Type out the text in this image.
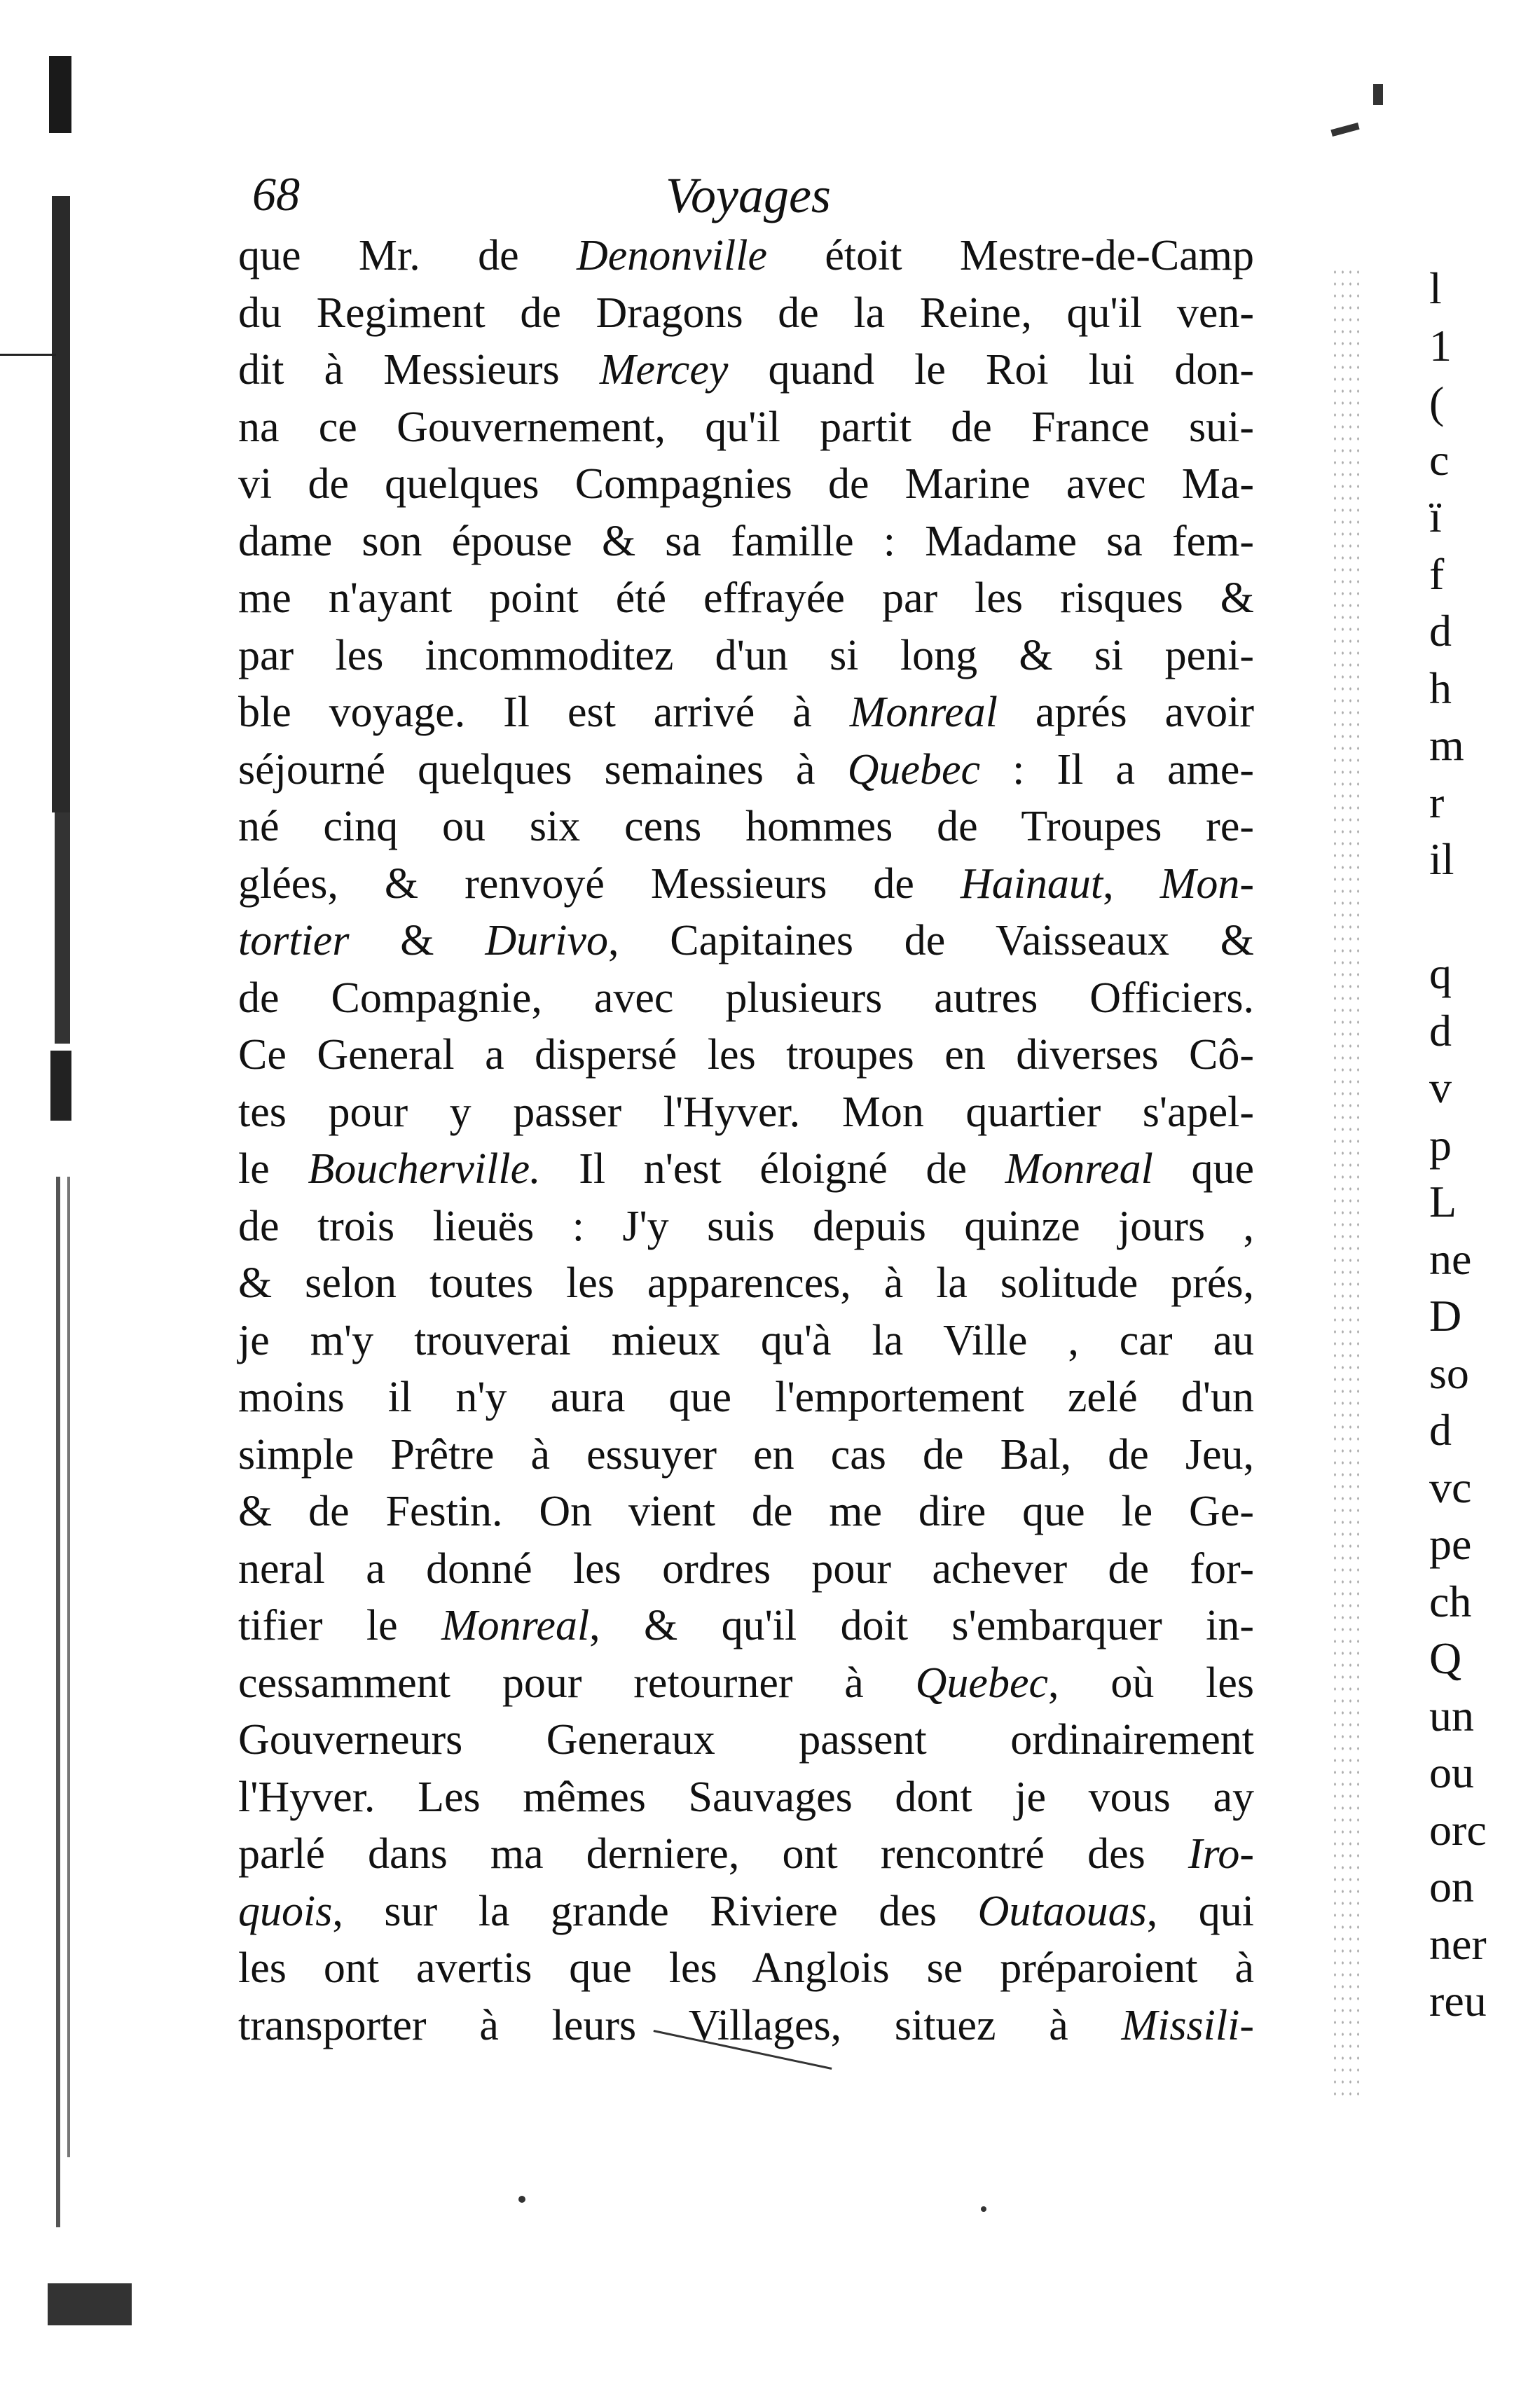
68	Voyages
que Mr. de Denonville étoit Mestre-de-Camp
du Regiment de Dragons de la Reine, qu'il ven-
dit à Messieurs Mercey quand le Roi lui don-
na ce Gouvernement, qu'il partit de France sui-
vi de quelques Compagnies de Marine avec Ma-
dame son épouse & sa famille : Madame sa fem-
me n'ayant point été effrayée par les risques &
par les incommoditez d'un si long & si peni-
ble voyage. Il est arrivé à Monreal aprés avoir
séjourné quelques semaines à Quebec : Il a ame-
né cinq ou six cens hommes de Troupes re-
glées, & renvoyé Messieurs de Hainaut, Mon-
tortier & Durivo, Capitaines de Vaisseaux &
de Compagnie, avec plusieurs autres Officiers.
Ce General a dispersé les troupes en diverses Cô-
tes pour y passer l'Hyver. Mon quartier s'apel-
le Boucherville. Il n'est éloigné de Monreal que
de trois lieuës : J'y suis depuis quinze jours ,
& selon toutes les apparences, à la solitude prés,
je m'y trouverai mieux qu'à la Ville , car au
moins il n'y aura que l'emportement zelé d'un
simple Prêtre à essuyer en cas de Bal, de Jeu,
& de Festin. On vient de me dire que le Ge-
neral a donné les ordres pour achever de for-
tifier le Monreal, & qu'il doit s'embarquer in-
cessamment pour retourner à Quebec, où les
Gouverneurs Generaux passent ordinairement
l'Hyver. Les mêmes Sauvages dont je vous ay
parlé dans ma derniere, ont rencontré des Iro-
quois, sur la grande Riviere des Outaouas, qui
les ont avertis que les Anglois se préparoient à
transporter à leurs Villages, situez à Missili-
l
1
(
c
ï
f
d
h
m
r
il
q
d
v
p
L
ne
D
so
d
vc
pe
ch
Q
un
ou
orc
on
ner
reu
